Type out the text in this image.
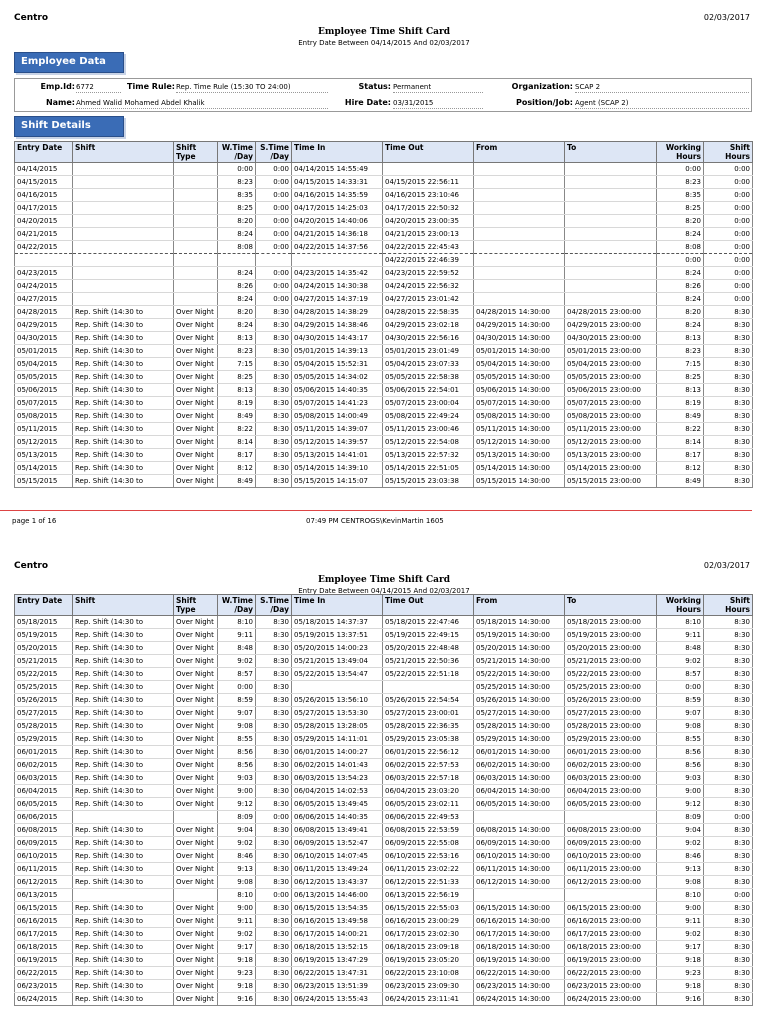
Centro	02/03/2017
Employee Time Shift Card
Entry Date Between 04/14/2015 And 02/03/2017
Employee Data
Emp.Id: 6772	Time Rule: Rep. Time Rule (15:30 TO 24:00)	Status: Permanent	Organization: SCAP 2
Name: Ahmed Walid Mohamed Abdel Khalik	Hire Date: 03/31/2015	Position/Job: Agent (SCAP 2)
Shift Details
Entry Date	Shift	Shift Type	W.Time /Day	S.Time /Day	Time In	Time Out	From	To	Working Hours	Shift Hours
04/14/2015			0:00	0:00	04/14/2015 14:55:49				0:00	0:00
04/15/2015			8:23	0:00	04/15/2015 14:33:31	04/15/2015 22:56:11			8:23	0:00
04/16/2015			8:35	0:00	04/16/2015 14:35:59	04/16/2015 23:10:46			8:35	0:00
04/17/2015			8:25	0:00	04/17/2015 14:25:03	04/17/2015 22:50:32			8:25	0:00
04/20/2015			8:20	0:00	04/20/2015 14:40:06	04/20/2015 23:00:35			8:20	0:00
04/21/2015			8:24	0:00	04/21/2015 14:36:18	04/21/2015 23:00:13			8:24	0:00
04/22/2015			8:08	0:00	04/22/2015 14:37:56	04/22/2015 22:45:43			8:08	0:00
						04/22/2015 22:46:39			0:00	0:00
04/23/2015			8:24	0:00	04/23/2015 14:35:42	04/23/2015 22:59:52			8:24	0:00
04/24/2015			8:26	0:00	04/24/2015 14:30:38	04/24/2015 22:56:32			8:26	0:00
04/27/2015			8:24	0:00	04/27/2015 14:37:19	04/27/2015 23:01:42			8:24	0:00
04/28/2015	Rep. Shift (14:30 to	Over Night	8:20	8:30	04/28/2015 14:38:29	04/28/2015 22:58:35	04/28/2015 14:30:00	04/28/2015 23:00:00	8:20	8:30
04/29/2015	Rep. Shift (14:30 to	Over Night	8:24	8:30	04/29/2015 14:38:46	04/29/2015 23:02:18	04/29/2015 14:30:00	04/29/2015 23:00:00	8:24	8:30
04/30/2015	Rep. Shift (14:30 to	Over Night	8:13	8:30	04/30/2015 14:43:17	04/30/2015 22:56:16	04/30/2015 14:30:00	04/30/2015 23:00:00	8:13	8:30
05/01/2015	Rep. Shift (14:30 to	Over Night	8:23	8:30	05/01/2015 14:39:13	05/01/2015 23:01:49	05/01/2015 14:30:00	05/01/2015 23:00:00	8:23	8:30
05/04/2015	Rep. Shift (14:30 to	Over Night	7:15	8:30	05/04/2015 15:52:31	05/04/2015 23:07:33	05/04/2015 14:30:00	05/04/2015 23:00:00	7:15	8:30
05/05/2015	Rep. Shift (14:30 to	Over Night	8:25	8:30	05/05/2015 14:34:02	05/05/2015 22:58:38	05/05/2015 14:30:00	05/05/2015 23:00:00	8:25	8:30
05/06/2015	Rep. Shift (14:30 to	Over Night	8:13	8:30	05/06/2015 14:40:35	05/06/2015 22:54:01	05/06/2015 14:30:00	05/06/2015 23:00:00	8:13	8:30
05/07/2015	Rep. Shift (14:30 to	Over Night	8:19	8:30	05/07/2015 14:41:23	05/07/2015 23:00:04	05/07/2015 14:30:00	05/07/2015 23:00:00	8:19	8:30
05/08/2015	Rep. Shift (14:30 to	Over Night	8:49	8:30	05/08/2015 14:00:49	05/08/2015 22:49:24	05/08/2015 14:30:00	05/08/2015 23:00:00	8:49	8:30
05/11/2015	Rep. Shift (14:30 to	Over Night	8:22	8:30	05/11/2015 14:39:07	05/11/2015 23:00:46	05/11/2015 14:30:00	05/11/2015 23:00:00	8:22	8:30
05/12/2015	Rep. Shift (14:30 to	Over Night	8:14	8:30	05/12/2015 14:39:57	05/12/2015 22:54:08	05/12/2015 14:30:00	05/12/2015 23:00:00	8:14	8:30
05/13/2015	Rep. Shift (14:30 to	Over Night	8:17	8:30	05/13/2015 14:41:01	05/13/2015 22:57:32	05/13/2015 14:30:00	05/13/2015 23:00:00	8:17	8:30
05/14/2015	Rep. Shift (14:30 to	Over Night	8:12	8:30	05/14/2015 14:39:10	05/14/2015 22:51:05	05/14/2015 14:30:00	05/14/2015 23:00:00	8:12	8:30
05/15/2015	Rep. Shift (14:30 to	Over Night	8:49	8:30	05/15/2015 14:15:07	05/15/2015 23:03:38	05/15/2015 14:30:00	05/15/2015 23:00:00	8:49	8:30
page 1 of 16	07:49 PM CENTROGS\KevinMartin 1605
Centro	02/03/2017
Employee Time Shift Card
Entry Date Between 04/14/2015 And 02/03/2017
Entry Date	Shift	Shift Type	W.Time /Day	S.Time /Day	Time In	Time Out	From	To	Working Hours	Shift Hours
05/18/2015	Rep. Shift (14:30 to	Over Night	8:10	8:30	05/18/2015 14:37:37	05/18/2015 22:47:46	05/18/2015 14:30:00	05/18/2015 23:00:00	8:10	8:30
05/19/2015	Rep. Shift (14:30 to	Over Night	9:11	8:30	05/19/2015 13:37:51	05/19/2015 22:49:15	05/19/2015 14:30:00	05/19/2015 23:00:00	9:11	8:30
05/20/2015	Rep. Shift (14:30 to	Over Night	8:48	8:30	05/20/2015 14:00:23	05/20/2015 22:48:48	05/20/2015 14:30:00	05/20/2015 23:00:00	8:48	8:30
05/21/2015	Rep. Shift (14:30 to	Over Night	9:02	8:30	05/21/2015 13:49:04	05/21/2015 22:50:36	05/21/2015 14:30:00	05/21/2015 23:00:00	9:02	8:30
05/22/2015	Rep. Shift (14:30 to	Over Night	8:57	8:30	05/22/2015 13:54:47	05/22/2015 22:51:18	05/22/2015 14:30:00	05/22/2015 23:00:00	8:57	8:30
05/25/2015	Rep. Shift (14:30 to	Over Night	0:00	8:30			05/25/2015 14:30:00	05/25/2015 23:00:00	0:00	8:30
05/26/2015	Rep. Shift (14:30 to	Over Night	8:59	8:30	05/26/2015 13:56:10	05/26/2015 22:54:54	05/26/2015 14:30:00	05/26/2015 23:00:00	8:59	8:30
05/27/2015	Rep. Shift (14:30 to	Over Night	9:07	8:30	05/27/2015 13:53:30	05/27/2015 23:00:01	05/27/2015 14:30:00	05/27/2015 23:00:00	9:07	8:30
05/28/2015	Rep. Shift (14:30 to	Over Night	9:08	8:30	05/28/2015 13:28:05	05/28/2015 22:36:35	05/28/2015 14:30:00	05/28/2015 23:00:00	9:08	8:30
05/29/2015	Rep. Shift (14:30 to	Over Night	8:55	8:30	05/29/2015 14:11:01	05/29/2015 23:05:38	05/29/2015 14:30:00	05/29/2015 23:00:00	8:55	8:30
06/01/2015	Rep. Shift (14:30 to	Over Night	8:56	8:30	06/01/2015 14:00:27	06/01/2015 22:56:12	06/01/2015 14:30:00	06/01/2015 23:00:00	8:56	8:30
06/02/2015	Rep. Shift (14:30 to	Over Night	8:56	8:30	06/02/2015 14:01:43	06/02/2015 22:57:53	06/02/2015 14:30:00	06/02/2015 23:00:00	8:56	8:30
06/03/2015	Rep. Shift (14:30 to	Over Night	9:03	8:30	06/03/2015 13:54:23	06/03/2015 22:57:18	06/03/2015 14:30:00	06/03/2015 23:00:00	9:03	8:30
06/04/2015	Rep. Shift (14:30 to	Over Night	9:00	8:30	06/04/2015 14:02:53	06/04/2015 23:03:20	06/04/2015 14:30:00	06/04/2015 23:00:00	9:00	8:30
06/05/2015	Rep. Shift (14:30 to	Over Night	9:12	8:30	06/05/2015 13:49:45	06/05/2015 23:02:11	06/05/2015 14:30:00	06/05/2015 23:00:00	9:12	8:30
06/06/2015			8:09	0:00	06/06/2015 14:40:35	06/06/2015 22:49:53			8:09	0:00
06/08/2015	Rep. Shift (14:30 to	Over Night	9:04	8:30	06/08/2015 13:49:41	06/08/2015 22:53:59	06/08/2015 14:30:00	06/08/2015 23:00:00	9:04	8:30
06/09/2015	Rep. Shift (14:30 to	Over Night	9:02	8:30	06/09/2015 13:52:47	06/09/2015 22:55:08	06/09/2015 14:30:00	06/09/2015 23:00:00	9:02	8:30
06/10/2015	Rep. Shift (14:30 to	Over Night	8:46	8:30	06/10/2015 14:07:45	06/10/2015 22:53:16	06/10/2015 14:30:00	06/10/2015 23:00:00	8:46	8:30
06/11/2015	Rep. Shift (14:30 to	Over Night	9:13	8:30	06/11/2015 13:49:24	06/11/2015 23:02:22	06/11/2015 14:30:00	06/11/2015 23:00:00	9:13	8:30
06/12/2015	Rep. Shift (14:30 to	Over Night	9:08	8:30	06/12/2015 13:43:37	06/12/2015 22:51:33	06/12/2015 14:30:00	06/12/2015 23:00:00	9:08	8:30
06/13/2015			8:10	0:00	06/13/2015 14:46:00	06/13/2015 22:56:19			8:10	0:00
06/15/2015	Rep. Shift (14:30 to	Over Night	9:00	8:30	06/15/2015 13:54:35	06/15/2015 22:55:03	06/15/2015 14:30:00	06/15/2015 23:00:00	9:00	8:30
06/16/2015	Rep. Shift (14:30 to	Over Night	9:11	8:30	06/16/2015 13:49:58	06/16/2015 23:00:29	06/16/2015 14:30:00	06/16/2015 23:00:00	9:11	8:30
06/17/2015	Rep. Shift (14:30 to	Over Night	9:02	8:30	06/17/2015 14:00:21	06/17/2015 23:02:30	06/17/2015 14:30:00	06/17/2015 23:00:00	9:02	8:30
06/18/2015	Rep. Shift (14:30 to	Over Night	9:17	8:30	06/18/2015 13:52:15	06/18/2015 23:09:18	06/18/2015 14:30:00	06/18/2015 23:00:00	9:17	8:30
06/19/2015	Rep. Shift (14:30 to	Over Night	9:18	8:30	06/19/2015 13:47:29	06/19/2015 23:05:20	06/19/2015 14:30:00	06/19/2015 23:00:00	9:18	8:30
06/22/2015	Rep. Shift (14:30 to	Over Night	9:23	8:30	06/22/2015 13:47:31	06/22/2015 23:10:08	06/22/2015 14:30:00	06/22/2015 23:00:00	9:23	8:30
06/23/2015	Rep. Shift (14:30 to	Over Night	9:18	8:30	06/23/2015 13:51:39	06/23/2015 23:09:30	06/23/2015 14:30:00	06/23/2015 23:00:00	9:18	8:30
06/24/2015	Rep. Shift (14:30 to	Over Night	9:16	8:30	06/24/2015 13:55:43	06/24/2015 23:11:41	06/24/2015 14:30:00	06/24/2015 23:00:00	9:16	8:30
